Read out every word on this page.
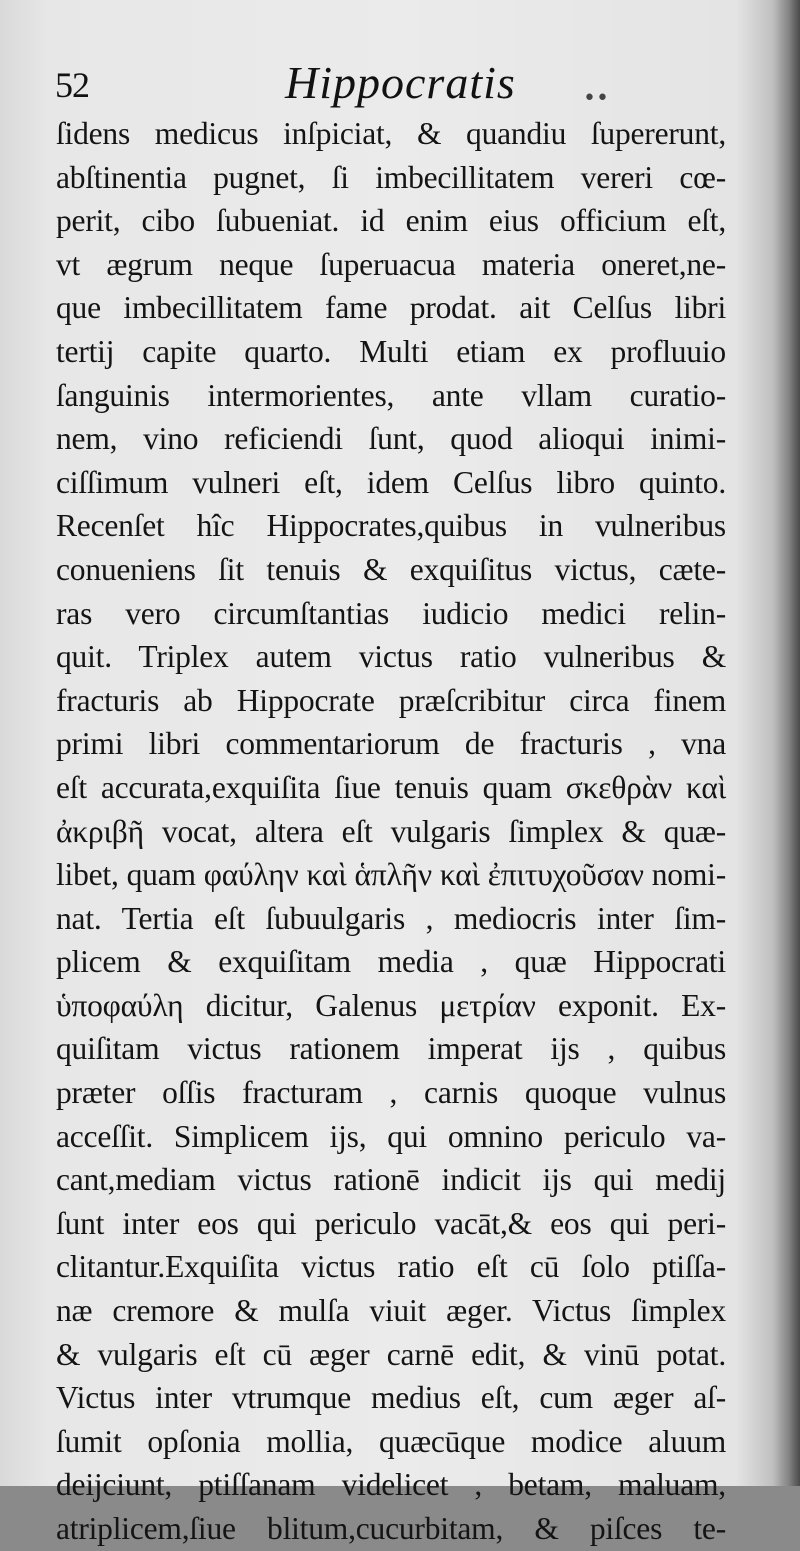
52	Hippocratis	••
ſidens medicus inſpiciat, & quandiu ſupererunt,
abſtinentia pugnet, ſi imbecillitatem vereri cœ-
perit, cibo ſubueniat. id enim eius officium eſt,
vt ægrum neque ſuperuacua materia oneret,ne-
que imbecillitatem fame prodat. ait Celſus libri
tertij capite quarto. Multi etiam ex profluuio
ſanguinis intermorientes, ante vllam curatio-
nem, vino reficiendi ſunt, quod alioqui inimi-
ciſſimum vulneri eſt, idem Celſus libro quinto.
Recenſet hîc Hippocrates,quibus in vulneribus
conueniens ſit tenuis & exquiſitus victus, cæte-
ras vero circumſtantias iudicio medici relin-
quit. Triplex autem victus ratio vulneribus &
fracturis ab Hippocrate præſcribitur circa finem
primi libri commentariorum de fracturis , vna
eſt accurata,exquiſita ſiue tenuis quam σκεθρὰν καὶ
ἀκριβῆ vocat, altera eſt vulgaris ſimplex & quæ-
libet, quam φαύλην καὶ ἁπλῆν καὶ ἐπιτυχοῦσαν nomi-
nat. Tertia eſt ſubuulgaris , mediocris inter ſim-
plicem & exquiſitam media , quæ Hippocrati
ὑποφαύλη dicitur, Galenus μετρίαν exponit. Ex-
quiſitam victus rationem imperat ijs , quibus
præter oſſis fracturam , carnis quoque vulnus
acceſſit. Simplicem ijs, qui omnino periculo va-
cant,mediam victus rationē indicit ijs qui medij
ſunt inter eos qui periculo vacāt,& eos qui peri-
clitantur.Exquiſita victus ratio eſt cū ſolo ptiſſa-
næ cremore & mulſa viuit æger. Victus ſimplex
& vulgaris eſt cū æger carnē edit, & vinū potat.
Victus inter vtrumque medius eſt, cum æger aſ-
ſumit opſonia mollia, quæcūque modice aluum
deijciunt, ptiſſanam videlicet , betam, maluam,
atriplicem,ſiue blitum,cucurbitam, & piſces te-
